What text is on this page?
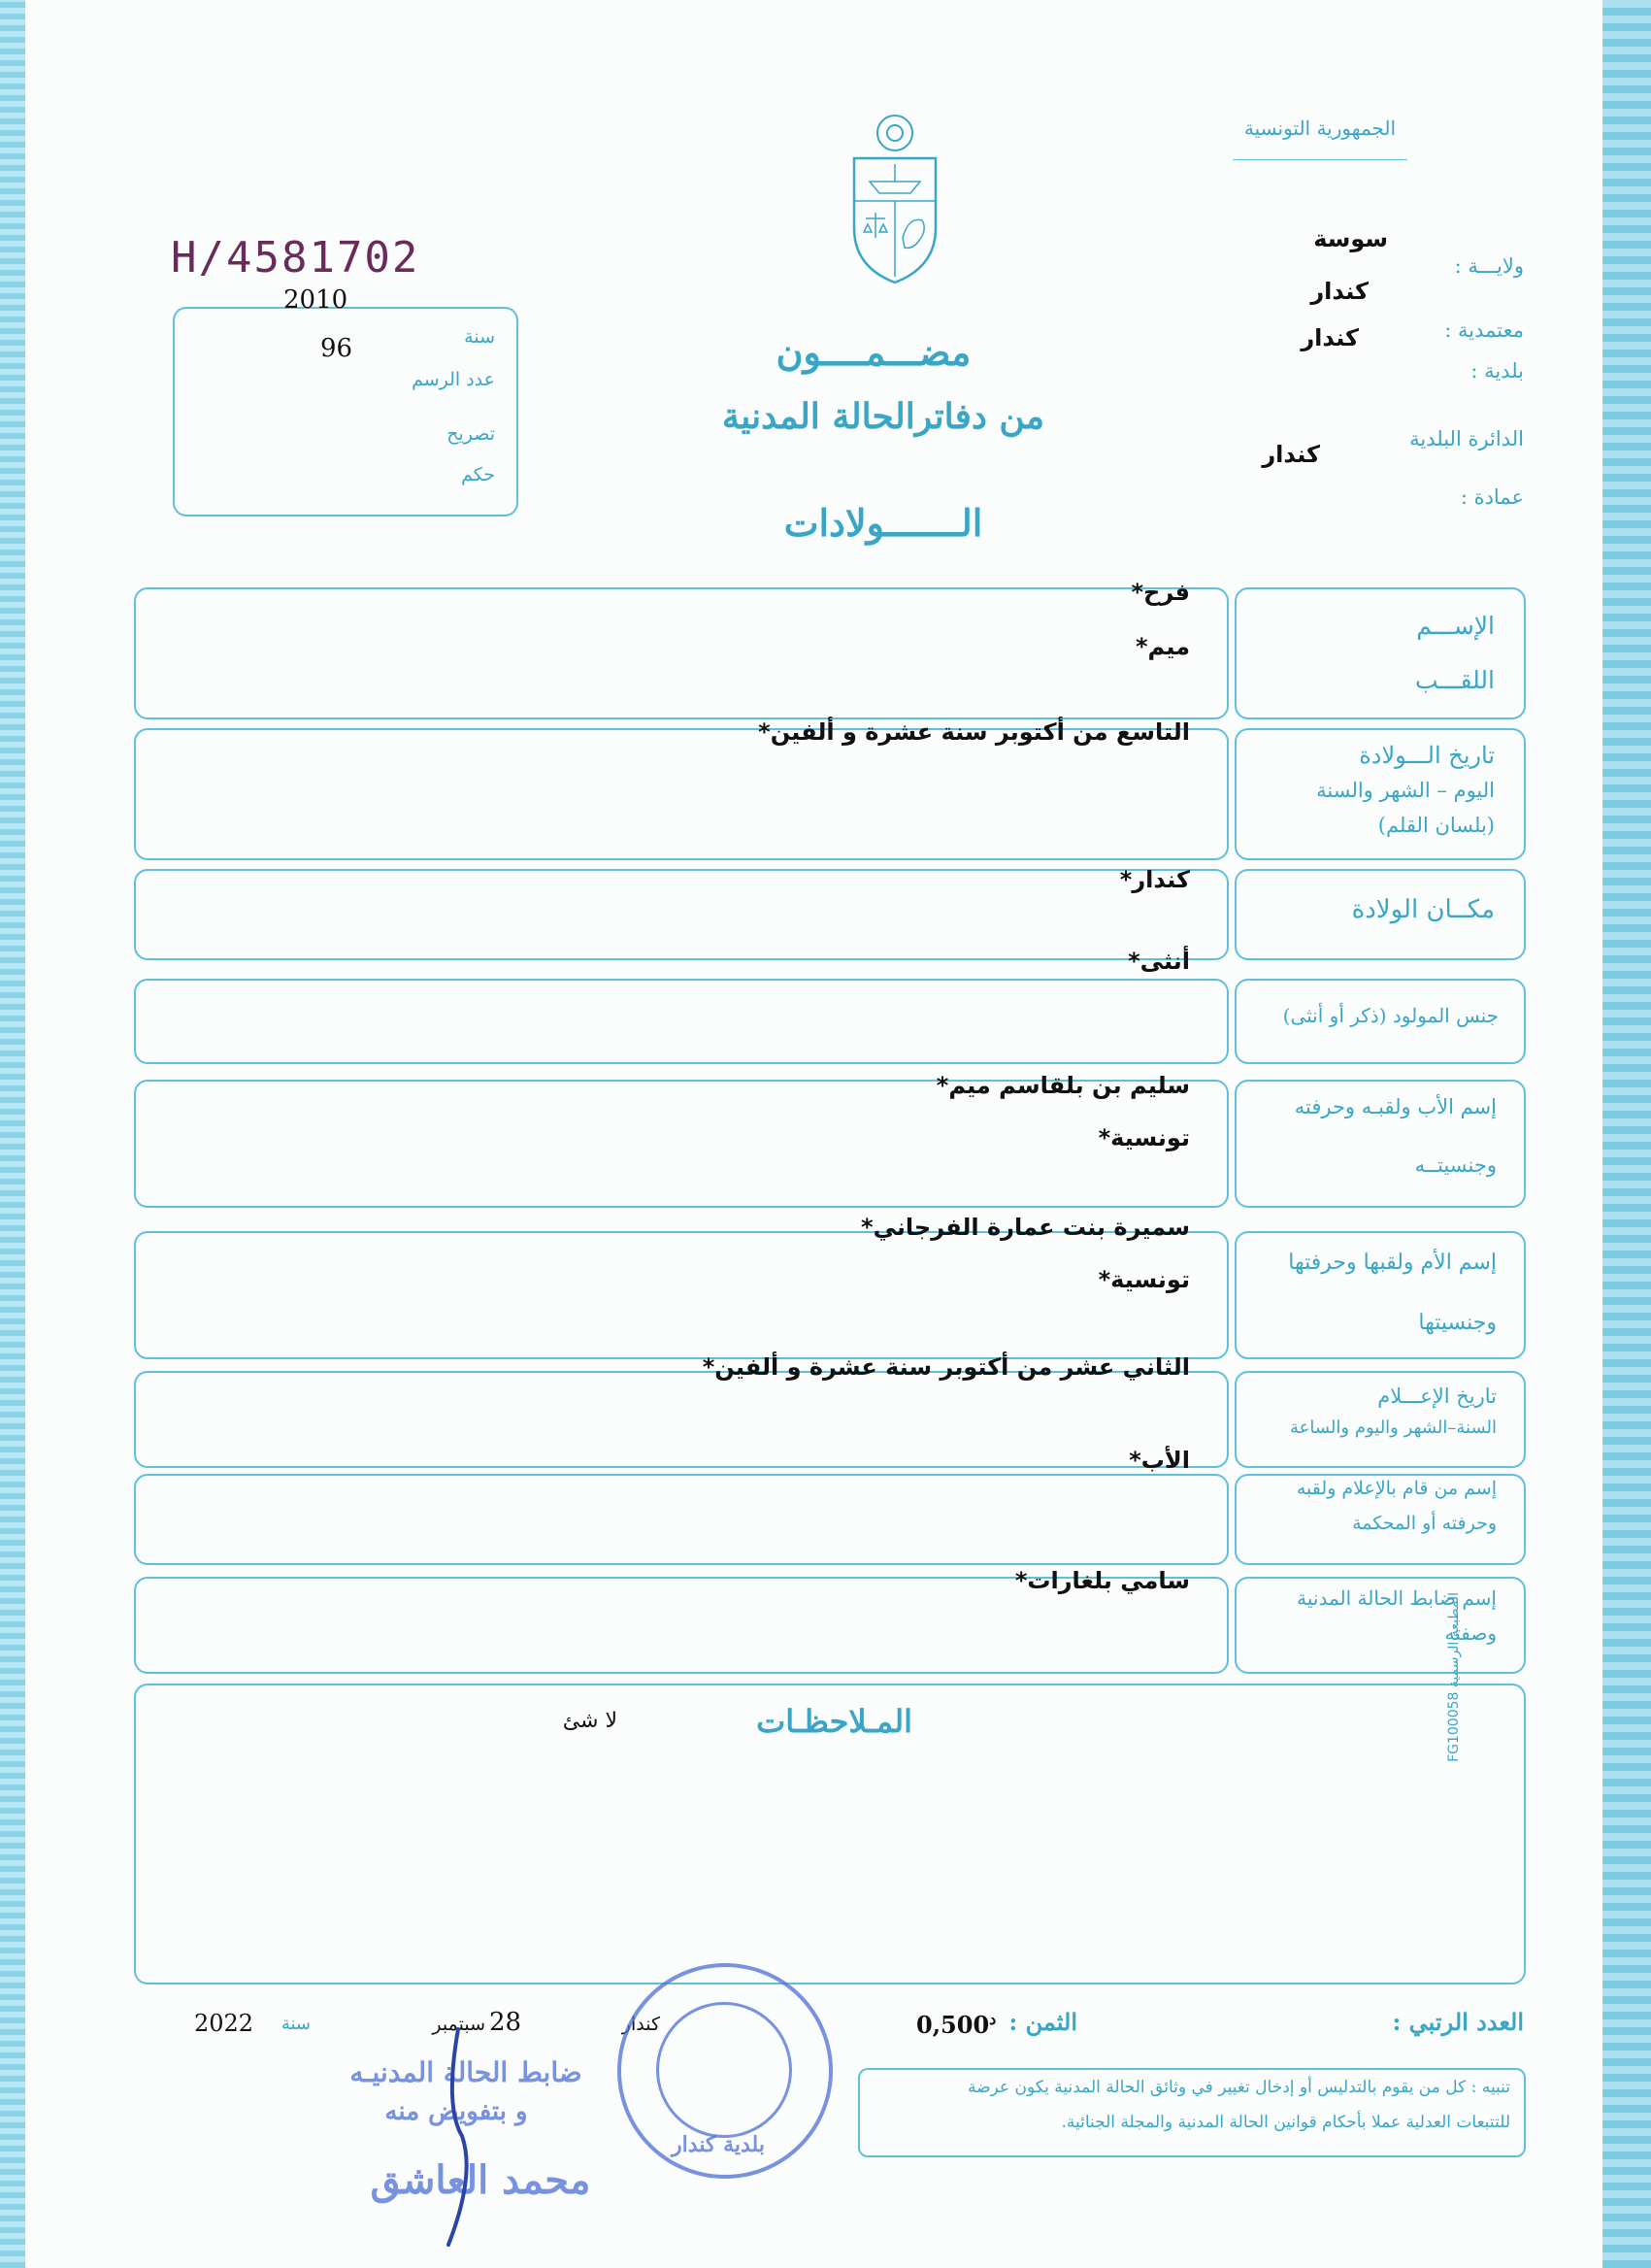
الجمهورية التونسية
H/4581702
2010
سنة
96
عدد الرسم
تصريح
حكم
مضـــمــــون
من دفاترالحالة المدنية
الـــــــولادات
سوسة
ولايـــة :
كندار
معتمدية :
كندار
بلدية :
الدائرة البلدية
كندار
عمادة :
الإســـم
اللقـــب
فرح*
ميم*
تاريخ الـــولادة
اليوم – الشهر والسنة
(بلسان القلم)
التاسع من أكتوبر سنة عشرة و ألفين*
مكــان الولادة
كندار*
أنثى*
جنس المولود (ذكر أو أنثى)
إسم الأب ولقبـه وحرفته
وجنسيتــه
سليم بن بلقاسم ميم*
تونسية*
إسم الأم ولقبها وحرفتها
وجنسيتها
سميرة بنت عمارة الفرجاني*
تونسية*
تاريخ الإعـــلام
السنة–الشهر واليوم والساعة
الثاني عشر من أكتوبر سنة عشرة و ألفين*
الأب*
إسم من قام بالإعلام ولقبه
وحرفته أو المحكمة
إسم ضابط الحالة المدنية
وصفته
سامي بلغارات*
المـلاحظـات
لا شئ	المطبعة الرسمية FG100058
العدد الرتبي :
الثمن :
$0,500^د$
كندار
سبتمبر 28
سنة
2022
تنبيه : كل من يقوم بالتدليس أو إدخال تغيير في وثائق الحالة المدنية يكون عرضة
للتتبعات العدلية عملا بأحكام قوانين الحالة المدنية والمجلة الجنائية.
بلدية كندار
ضابط الحالة المدنيـه
و بتفويض منه
محمد العاشق
